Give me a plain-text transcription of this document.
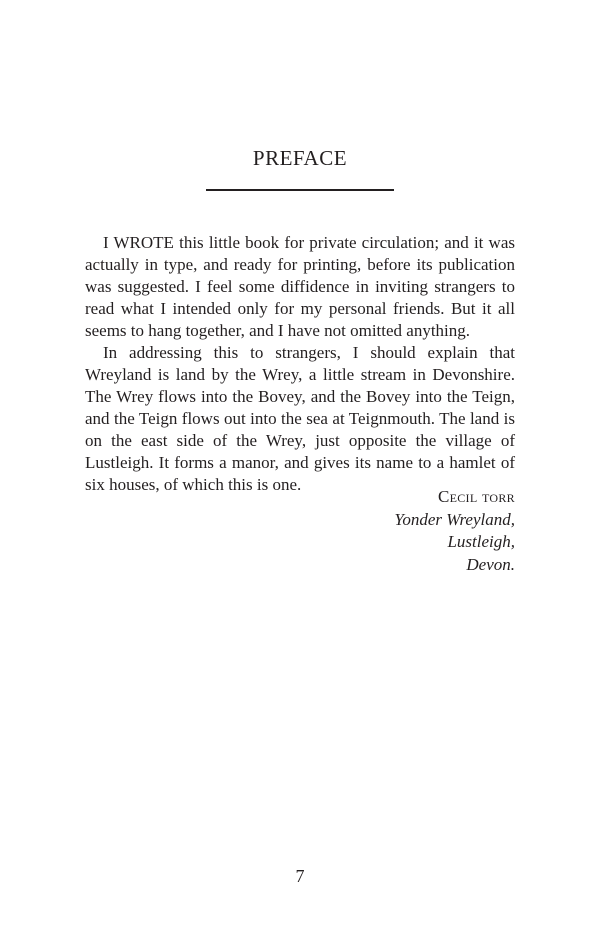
PREFACE

I WROTE this little book for private circulation; and it was actually in type, and ready for printing, before its publication was suggested. I feel some diffidence in inviting strangers to read what I intended only for my personal friends. But it all seems to hang together, and I have not omitted anything.

In addressing this to strangers, I should explain that Wreyland is land by the Wrey, a little stream in Devonshire. The Wrey flows into the Bovey, and the Bovey into the Teign, and the Teign flows out into the sea at Teignmouth. The land is on the east side of the Wrey, just opposite the village of Lustleigh. It forms a manor, and gives its name to a hamlet of six houses, of which this is one.

Cecil torr
Yonder Wreyland,
Lustleigh,
Devon.
7
